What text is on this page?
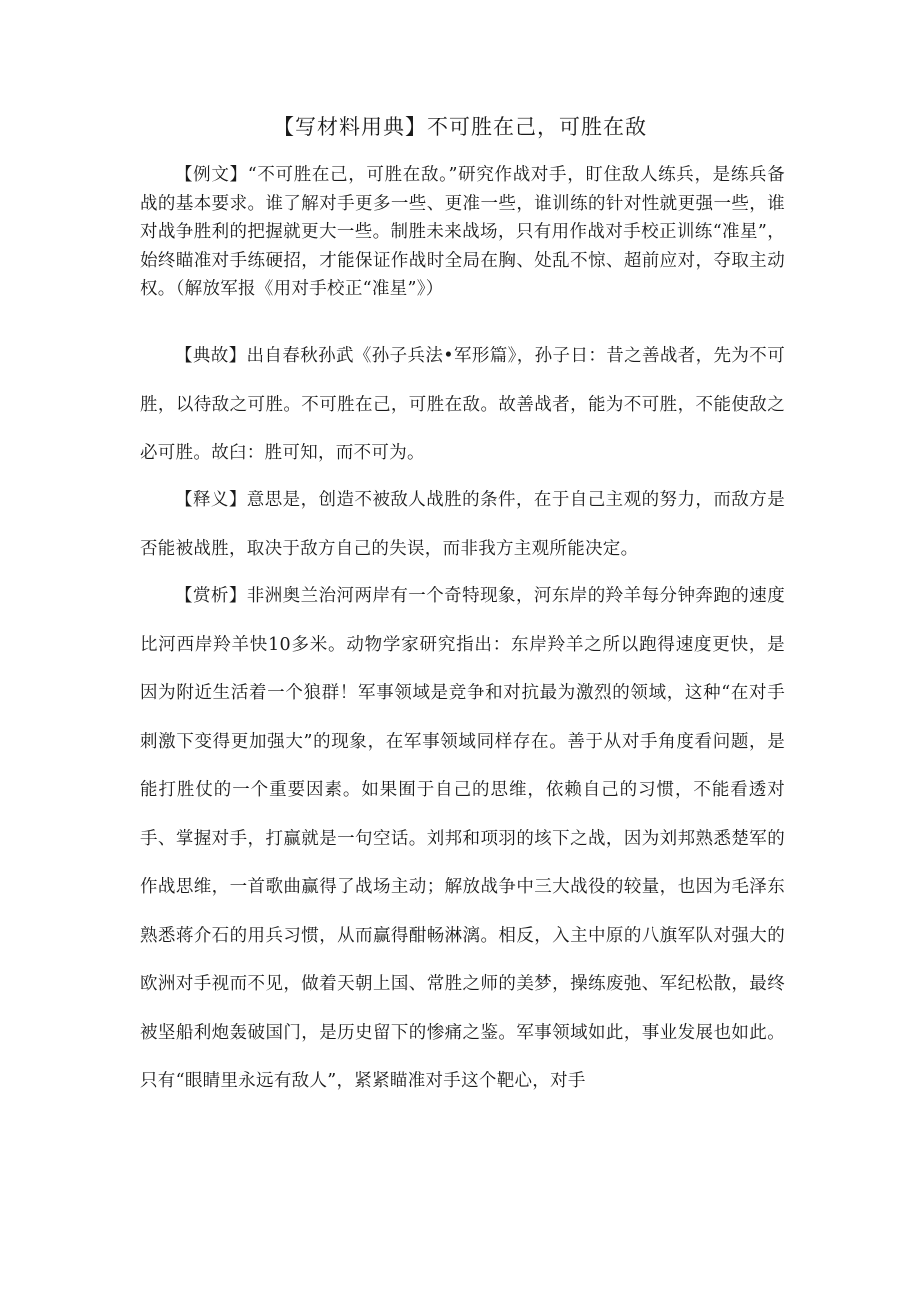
【写材料用典】不可胜在己，可胜在敌

【例文】“不可胜在己，可胜在敌。”研究作战对手，盯住敌人练兵，是练兵备战的基本要求。谁了解对手更多一些、更准一些，谁训练的针对性就更强一些，谁对战争胜利的把握就更大一些。制胜未来战场，只有用作战对手校正训练“准星”，始终瞄准对手练硬招，才能保证作战时全局在胸、处乱不惊、超前应对，夺取主动权。（解放军报《用对手校正“准星”》）

【典故】出自春秋孙武《孙子兵法•军形篇》，孙子日：昔之善战者，先为不可胜，以待敌之可胜。不可胜在己，可胜在敌。故善战者，能为不可胜，不能使敌之必可胜。故臼：胜可知，而不可为。

【释义】意思是，创造不被敌人战胜的条件，在于自己主观的努力，而敌方是否能被战胜，取决于敌方自己的失误，而非我方主观所能决定。

【赏析】非洲奥兰治河两岸有一个奇特现象，河东岸的羚羊每分钟奔跑的速度比河西岸羚羊快10多米。动物学家研究指出：东岸羚羊之所以跑得速度更快，是因为附近生活着一个狼群！军事领域是竞争和对抗最为激烈的领域，这种“在对手刺激下变得更加强大”的现象，在军事领域同样存在。善于从对手角度看问题，是能打胜仗的一个重要因素。如果囿于自己的思维，依赖自己的习惯，不能看透对手、掌握对手，打赢就是一句空话。刘邦和项羽的垓下之战，因为刘邦熟悉楚军的作战思维，一首歌曲赢得了战场主动；解放战争中三大战役的较量，也因为毛泽东熟悉蒋介石的用兵习惯，从而赢得酣畅淋漓。相反，入主中原的八旗军队对强大的欧洲对手视而不见，做着天朝上国、常胜之师的美梦，操练废弛、军纪松散，最终被坚船利炮轰破国门，是历史留下的惨痛之鉴。军事领域如此，事业发展也如此。只有“眼睛里永远有敌人”，紧紧瞄准对手这个靶心，对手
